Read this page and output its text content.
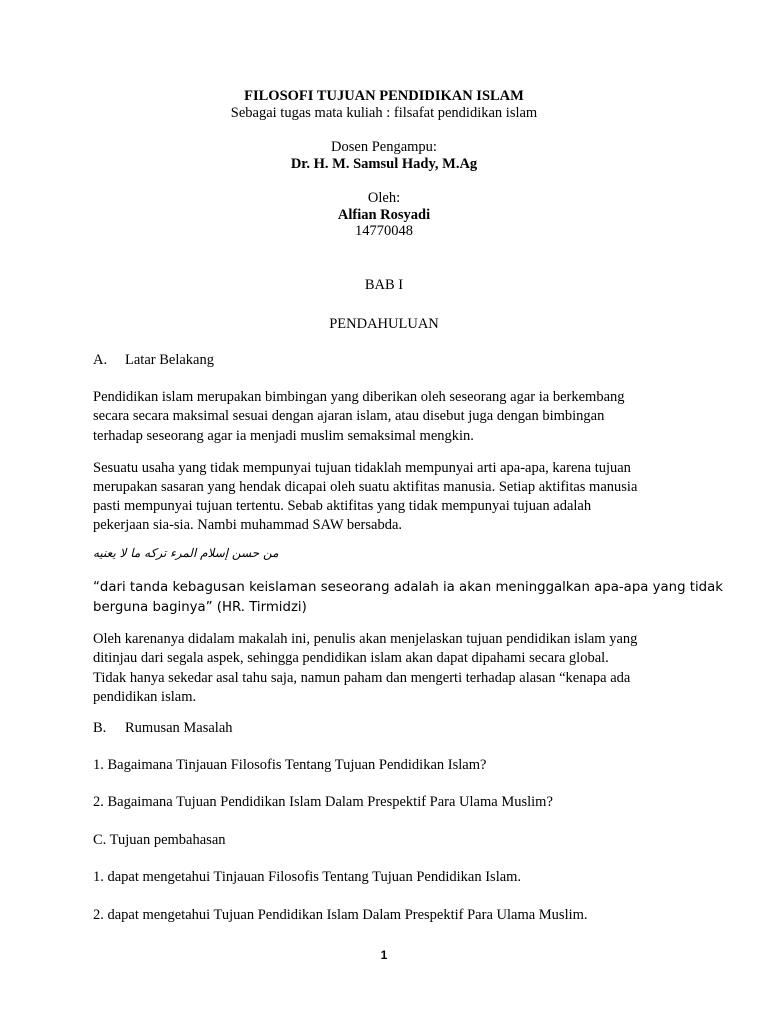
FILOSOFI TUJUAN PENDIDIKAN ISLAM
Sebagai tugas mata kuliah : filsafat pendidikan islam
Dosen Pengampu:
Dr. H. M. Samsul Hady, M.Ag
Oleh:
Alfian Rosyadi
14770048
BAB I
PENDAHULUAN
A. Latar Belakang
Pendidikan islam merupakan bimbingan yang diberikan oleh seseorang agar ia berkembang
secara secara maksimal sesuai dengan ajaran islam, atau disebut juga dengan bimbingan
terhadap seseorang agar ia menjadi muslim semaksimal mengkin.
Sesuatu usaha yang tidak mempunyai tujuan tidaklah mempunyai arti apa-apa, karena tujuan
merupakan sasaran yang hendak dicapai oleh suatu aktifitas manusia. Setiap aktifitas manusia
pasti mempunyai tujuan tertentu. Sebab aktifitas yang tidak mempunyai tujuan adalah
pekerjaan sia-sia. Nambi muhammad SAW bersabda.
من حسن إسلام المرء تركه ما لا يعنيه
“dari tanda kebagusan keislaman seseorang adalah ia akan meninggalkan apa-apa yang tidak
berguna baginya” (HR. Tirmidzi)
Oleh karenanya didalam makalah ini, penulis akan menjelaskan tujuan pendidikan islam yang
ditinjau dari segala aspek, sehingga pendidikan islam akan dapat dipahami secara global.
Tidak hanya sekedar asal tahu saja, namun paham dan mengerti terhadap alasan “kenapa ada
pendidikan islam.
B. Rumusan Masalah
1. Bagaimana Tinjauan Filosofis Tentang Tujuan Pendidikan Islam?
2. Bagaimana Tujuan Pendidikan Islam Dalam Prespektif Para Ulama Muslim?
C. Tujuan pembahasan
1. dapat mengetahui Tinjauan Filosofis Tentang Tujuan Pendidikan Islam.
2. dapat mengetahui Tujuan Pendidikan Islam Dalam Prespektif Para Ulama Muslim.
1
